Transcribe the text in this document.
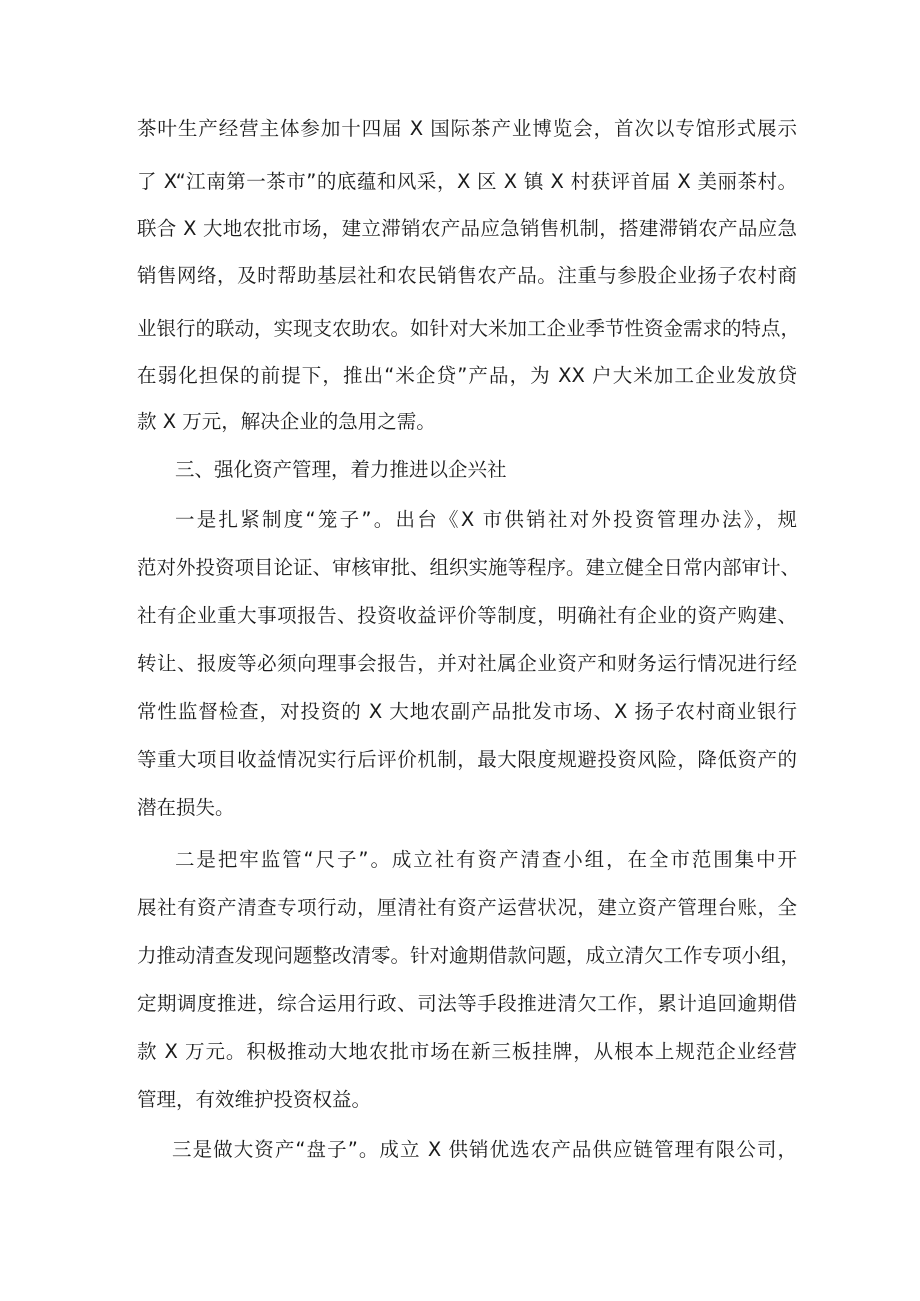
茶叶生产经营主体参加十四届 X 国际茶产业博览会，首次以专馆形式展示
了 X“江南第一茶市”的底蕴和风采，X 区 X 镇 X 村获评首届 X 美丽茶村。
联合 X 大地农批市场，建立滞销农产品应急销售机制，搭建滞销农产品应急
销售网络，及时帮助基层社和农民销售农产品。注重与参股企业扬子农村商
业银行的联动，实现支农助农。如针对大米加工企业季节性资金需求的特点，
在弱化担保的前提下，推出“米企贷”产品，为 XX 户大米加工企业发放贷
款 X 万元，解决企业的急用之需。
三、强化资产管理，着力推进以企兴社
一是扎紧制度“笼子”。出台《X 市供销社对外投资管理办法》，规
范对外投资项目论证、审核审批、组织实施等程序。建立健全日常内部审计、
社有企业重大事项报告、投资收益评价等制度，明确社有企业的资产购建、
转让、报废等必须向理事会报告，并对社属企业资产和财务运行情况进行经
常性监督检查，对投资的 X 大地农副产品批发市场、X 扬子农村商业银行
等重大项目收益情况实行后评价机制，最大限度规避投资风险，降低资产的
潜在损失。
二是把牢监管“尺子”。成立社有资产清查小组，在全市范围集中开
展社有资产清查专项行动，厘清社有资产运营状况，建立资产管理台账，全
力推动清查发现问题整改清零。针对逾期借款问题，成立清欠工作专项小组，
定期调度推进，综合运用行政、司法等手段推进清欠工作，累计追回逾期借
款 X 万元。积极推动大地农批市场在新三板挂牌，从根本上规范企业经营
管理，有效维护投资权益。
三是做大资产“盘子”。成立 X 供销优选农产品供应链管理有限公司，
